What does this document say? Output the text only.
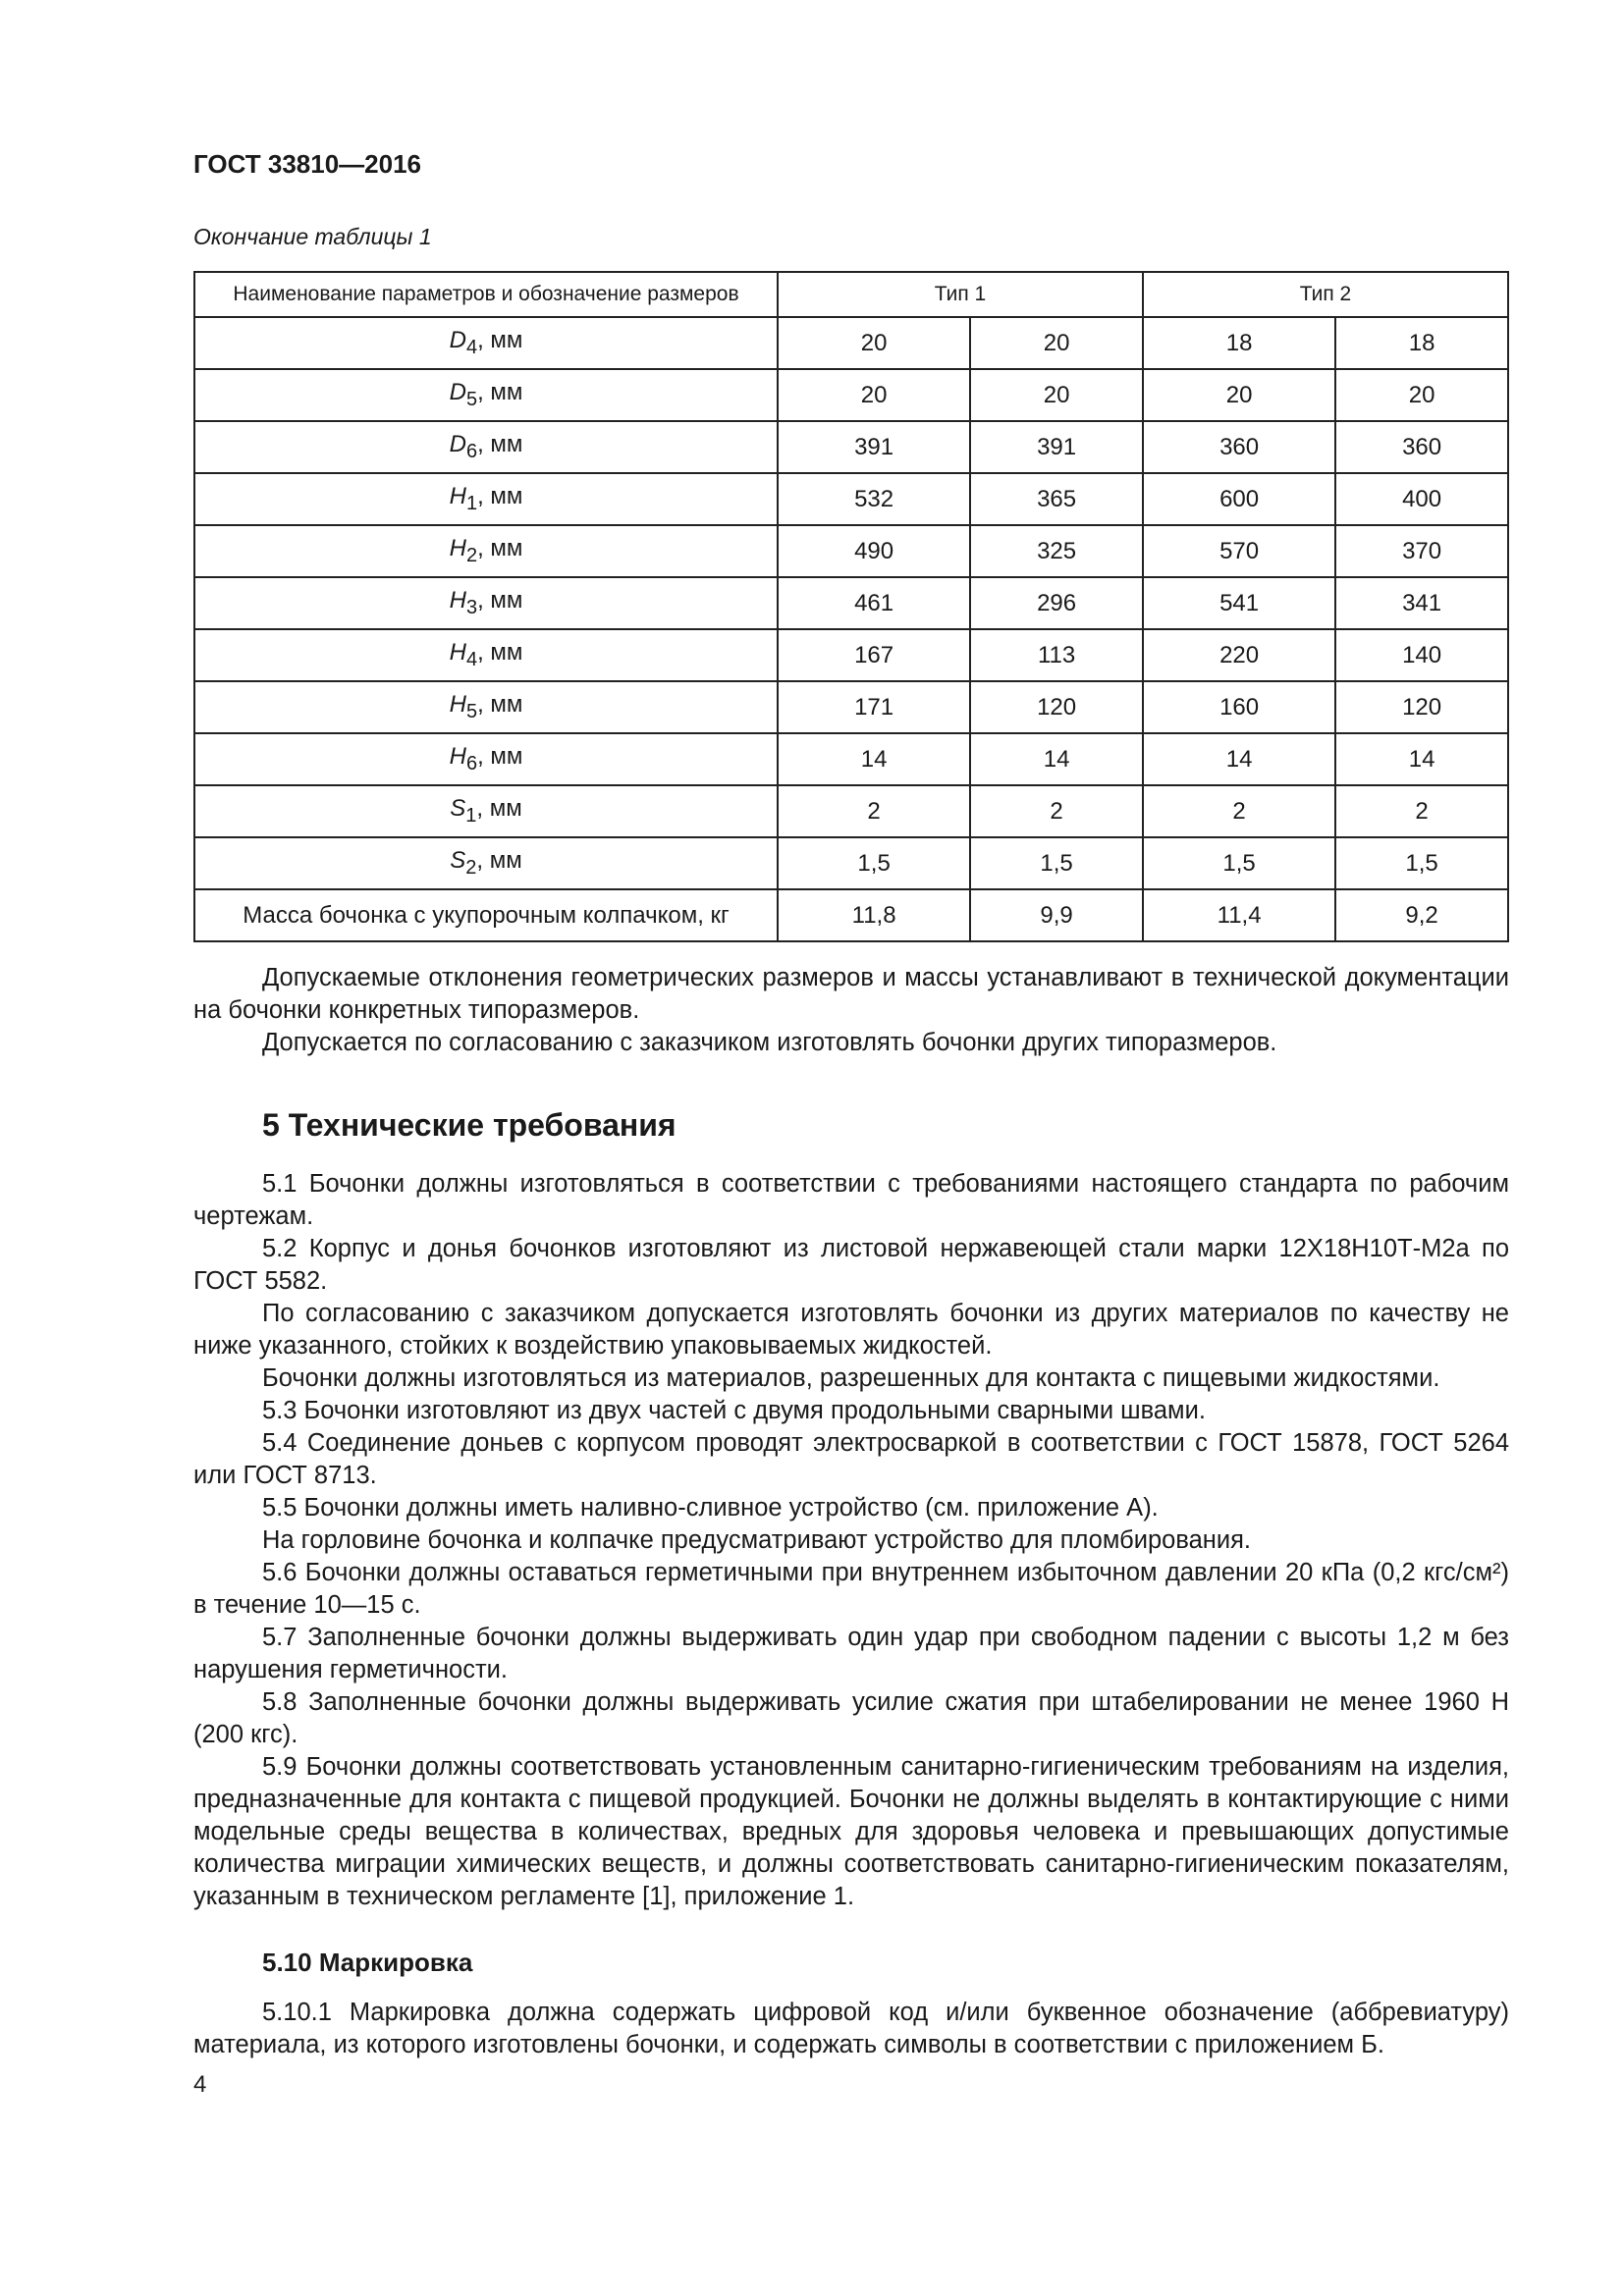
ГОСТ 33810—2016
Окончание таблицы 1
Наименование параметров и обозначение размеров	Тип 1		Тип 2	
$D_4$, мм	20	20	18	18
$D_5$, мм	20	20	20	20
$D_6$, мм	391	391	360	360
$H_1$, мм	532	365	600	400
$H_2$, мм	490	325	570	370
$H_3$, мм	461	296	541	341
$H_4$, мм	167	113	220	140
$H_5$, мм	171	120	160	120
$H_6$, мм	14	14	14	14
$S_1$, мм	2	2	2	2
$S_2$, мм	1,5	1,5	1,5	1,5
Масса бочонка с укупорочным колпачком, кг	11,8	9,9	11,4	9,2

Допускаемые отклонения геометрических размеров и массы устанавливают в технической документации на бочонки конкретных типоразмеров.

Допускается по согласованию с заказчиком изготовлять бочонки других типоразмеров.

5 Технические требования

5.1 Бочонки должны изготовляться в соответствии с требованиями настоящего стандарта по рабочим чертежам.

5.2 Корпус и донья бочонков изготовляют из листовой нержавеющей стали марки 12Х18Н10Т-М2а по ГОСТ 5582.

По согласованию с заказчиком допускается изготовлять бочонки из других материалов по качеству не ниже указанного, стойких к воздействию упаковываемых жидкостей.

Бочонки должны изготовляться из материалов, разрешенных для контакта с пищевыми жидкостями.

5.3 Бочонки изготовляют из двух частей с двумя продольными сварными швами.

5.4 Соединение доньев с корпусом проводят электросваркой в соответствии с ГОСТ 15878, ГОСТ 5264 или ГОСТ 8713.

5.5 Бочонки должны иметь наливно-сливное устройство (см. приложение А).

На горловине бочонка и колпачке предусматривают устройство для пломбирования.

5.6 Бочонки должны оставаться герметичными при внутреннем избыточном давлении 20 кПа (0,2 кгс/см²) в течение 10—15 с.

5.7 Заполненные бочонки должны выдерживать один удар при свободном падении с высоты 1,2 м без нарушения герметичности.

5.8 Заполненные бочонки должны выдерживать усилие сжатия при штабелировании не менее 1960 Н (200 кгс).

5.9 Бочонки должны соответствовать установленным санитарно-гигиеническим требованиям на изделия, предназначенные для контакта с пищевой продукцией. Бочонки не должны выделять в контактирующие с ними модельные среды вещества в количествах, вредных для здоровья человека и превышающих допустимые количества миграции химических веществ, и должны соответствовать санитарно-гигиеническим показателям, указанным в техническом регламенте [1], приложение 1.

5.10 Маркировка

5.10.1 Маркировка должна содержать цифровой код и/или буквенное обозначение (аббревиатуру) материала, из которого изготовлены бочонки, и содержать символы в соответствии с приложением Б.

4
